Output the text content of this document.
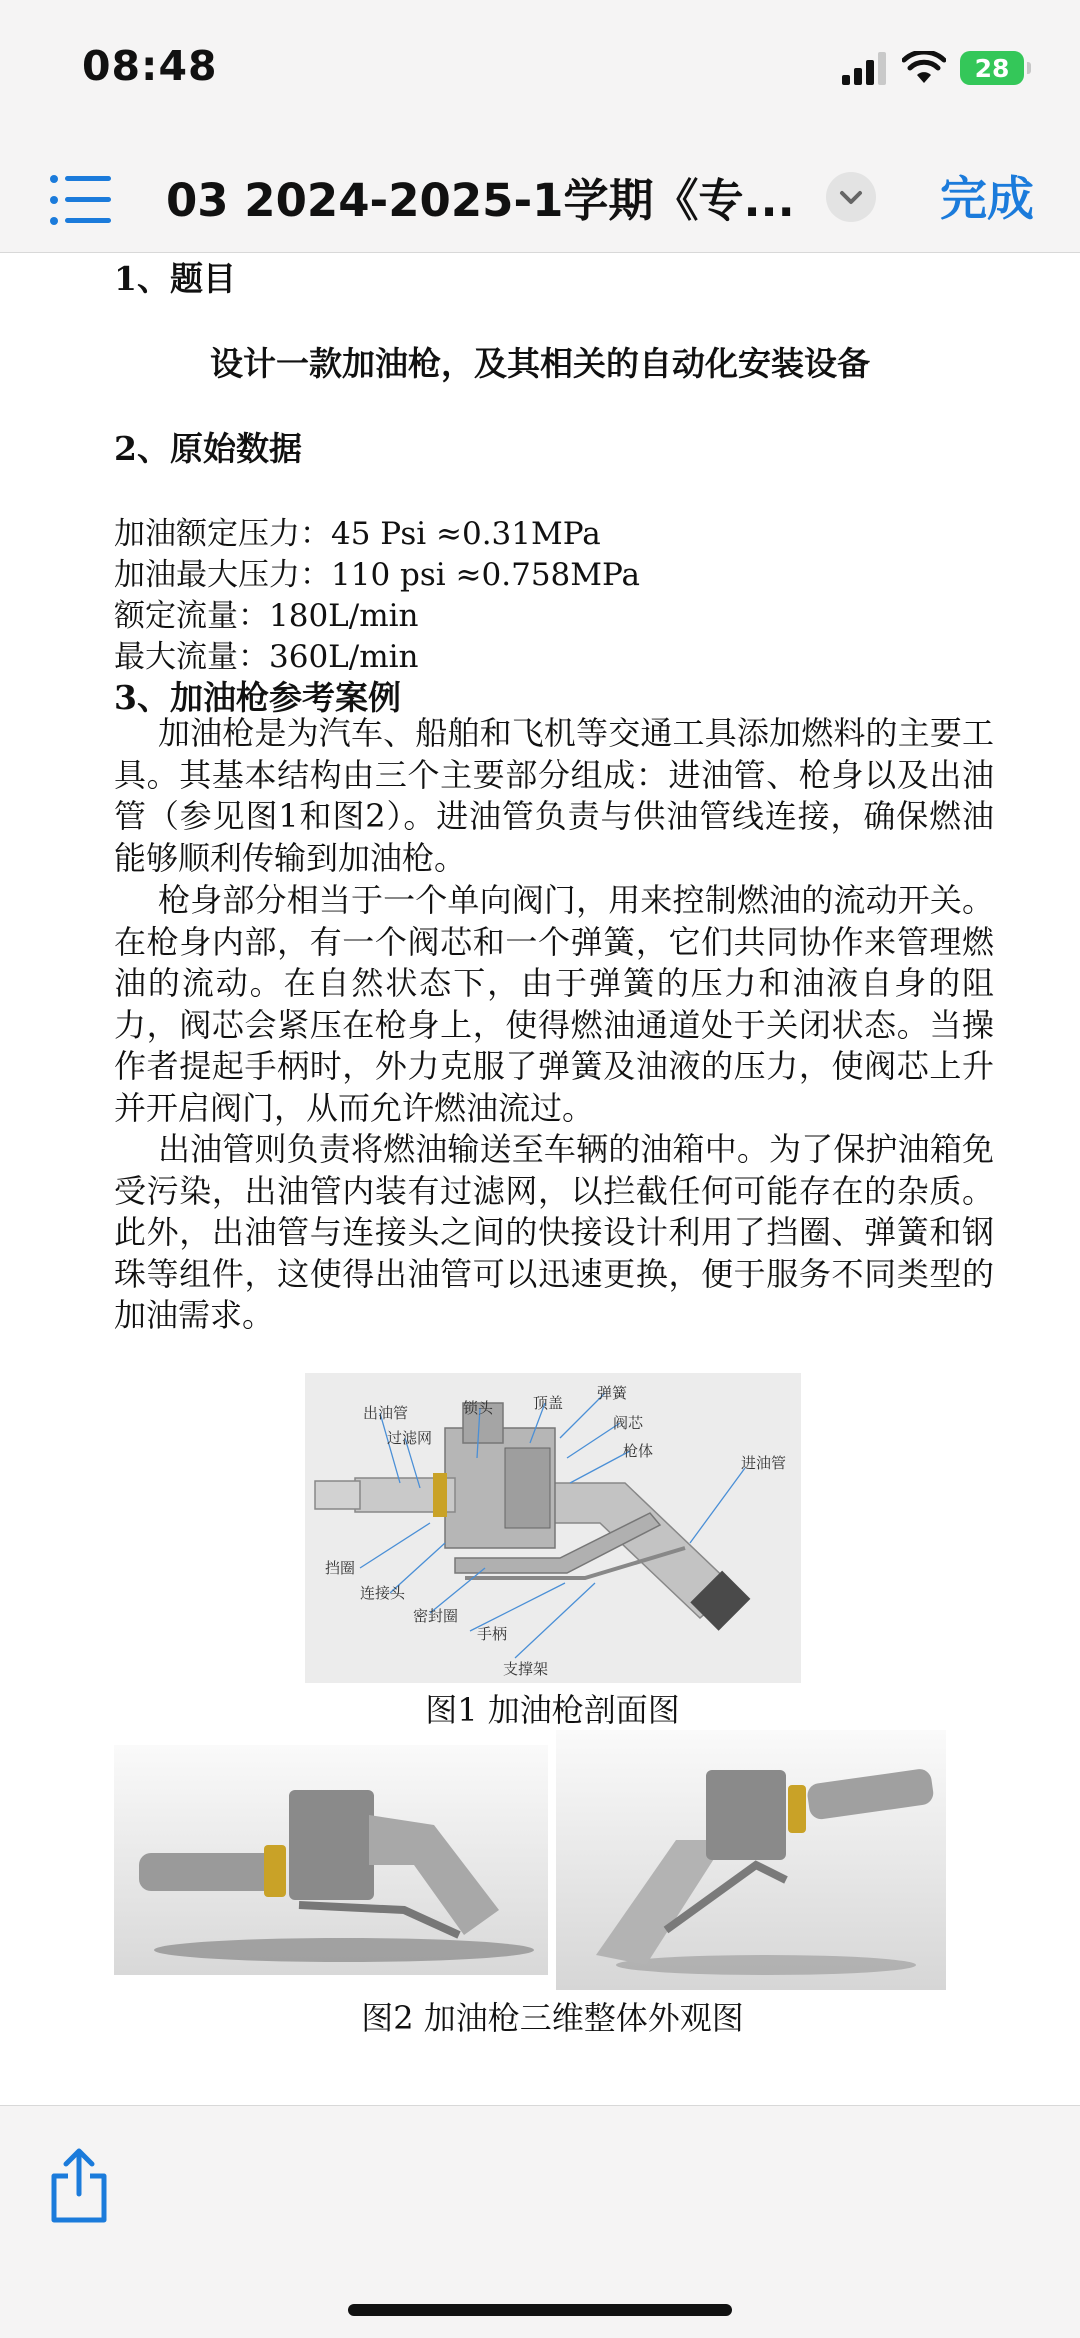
08:48	28
03 2024-2025-1学期《专...	完成
1、题目
设计一款加油枪，及其相关的自动化安装设备
2、原始数据
加油额定压力：45 Psi ≈0.31MPa
加油最大压力：110 psi ≈0.758MPa
额定流量：180L/min
最大流量：360L/min
3、加油枪参考案例
加油枪是为汽车、船舶和飞机等交通工具添加燃料的主要工具。其基本结构由三个主要部分组成：进油管、枪身以及出油管（参见图1和图2）。进油管负责与供油管线连接，确保燃油能够顺利传输到加油枪。
枪身部分相当于一个单向阀门，用来控制燃油的流动开关。在枪身内部，有一个阀芯和一个弹簧，它们共同协作来管理燃油的流动。在自然状态下，由于弹簧的压力和油液自身的阻力，阀芯会紧压在枪身上，使得燃油通道处于关闭状态。当操作者提起手柄时，外力克服了弹簧及油液的压力，使阀芯上升并开启阀门，从而允许燃油流过。
出油管则负责将燃油输送至车辆的油箱中。为了保护油箱免受污染，出油管内装有过滤网，以拦截任何可能存在的杂质。此外，出油管与连接头之间的快接设计利用了挡圈、弹簧和钢珠等组件，这使得出油管可以迅速更换，便于服务不同类型的加油需求。
出油管
过滤网
锁头	顶盖
弹簧
阀芯
枪体
进油管
挡圈
连接头
密封圈
手柄
支撑架
图1 加油枪剖面图
图2 加油枪三维整体外观图
